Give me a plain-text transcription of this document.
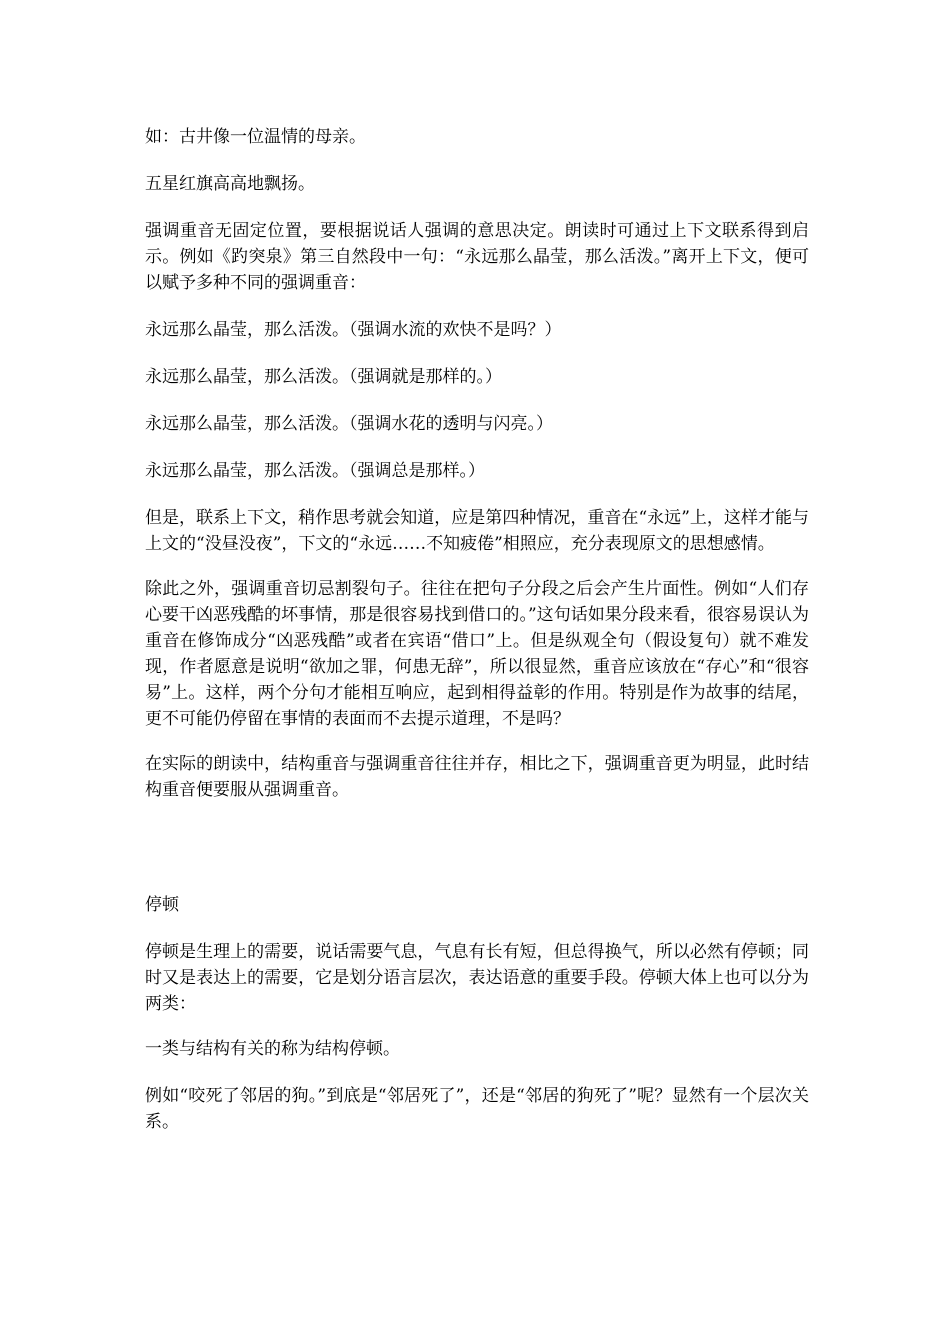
如：古井像一位温情的母亲。

五星红旗高高地飘扬。

强调重音无固定位置，要根据说话人强调的意思决定。朗读时可通过上下文联系得到启示。例如《趵突泉》第三自然段中一句：“永远那么晶莹，那么活泼。”离开上下文，便可以赋予多种不同的强调重音：

永远那么晶莹，那么活泼。（强调水流的欢快不是吗？）

永远那么晶莹，那么活泼。（强调就是那样的。）

永远那么晶莹，那么活泼。（强调水花的透明与闪亮。）

永远那么晶莹，那么活泼。（强调总是那样。）

但是，联系上下文，稍作思考就会知道，应是第四种情况，重音在“永远”上，这样才能与上文的“没昼没夜”，下文的“永远……不知疲倦”相照应，充分表现原文的思想感情。

除此之外，强调重音切忌割裂句子。往往在把句子分段之后会产生片面性。例如“人们存心要干凶恶残酷的坏事情，那是很容易找到借口的。”这句话如果分段来看，很容易误认为重音在修饰成分“凶恶残酷”或者在宾语“借口”上。但是纵观全句（假设复句）就不难发现，作者愿意是说明“欲加之罪，何患无辞”，所以很显然，重音应该放在“存心”和“很容易”上。这样，两个分句才能相互响应，起到相得益彰的作用。特别是作为故事的结尾，更不可能仍停留在事情的表面而不去提示道理，不是吗？

在实际的朗读中，结构重音与强调重音往往并存，相比之下，强调重音更为明显，此时结构重音便要服从强调重音。

停顿

停顿是生理上的需要，说话需要气息，气息有长有短，但总得换气，所以必然有停顿；同时又是表达上的需要，它是划分语言层次，表达语意的重要手段。停顿大体上也可以分为两类：

一类与结构有关的称为结构停顿。

例如“咬死了邻居的狗。”到底是“邻居死了”，还是“邻居的狗死了”呢？显然有一个层次关系。
